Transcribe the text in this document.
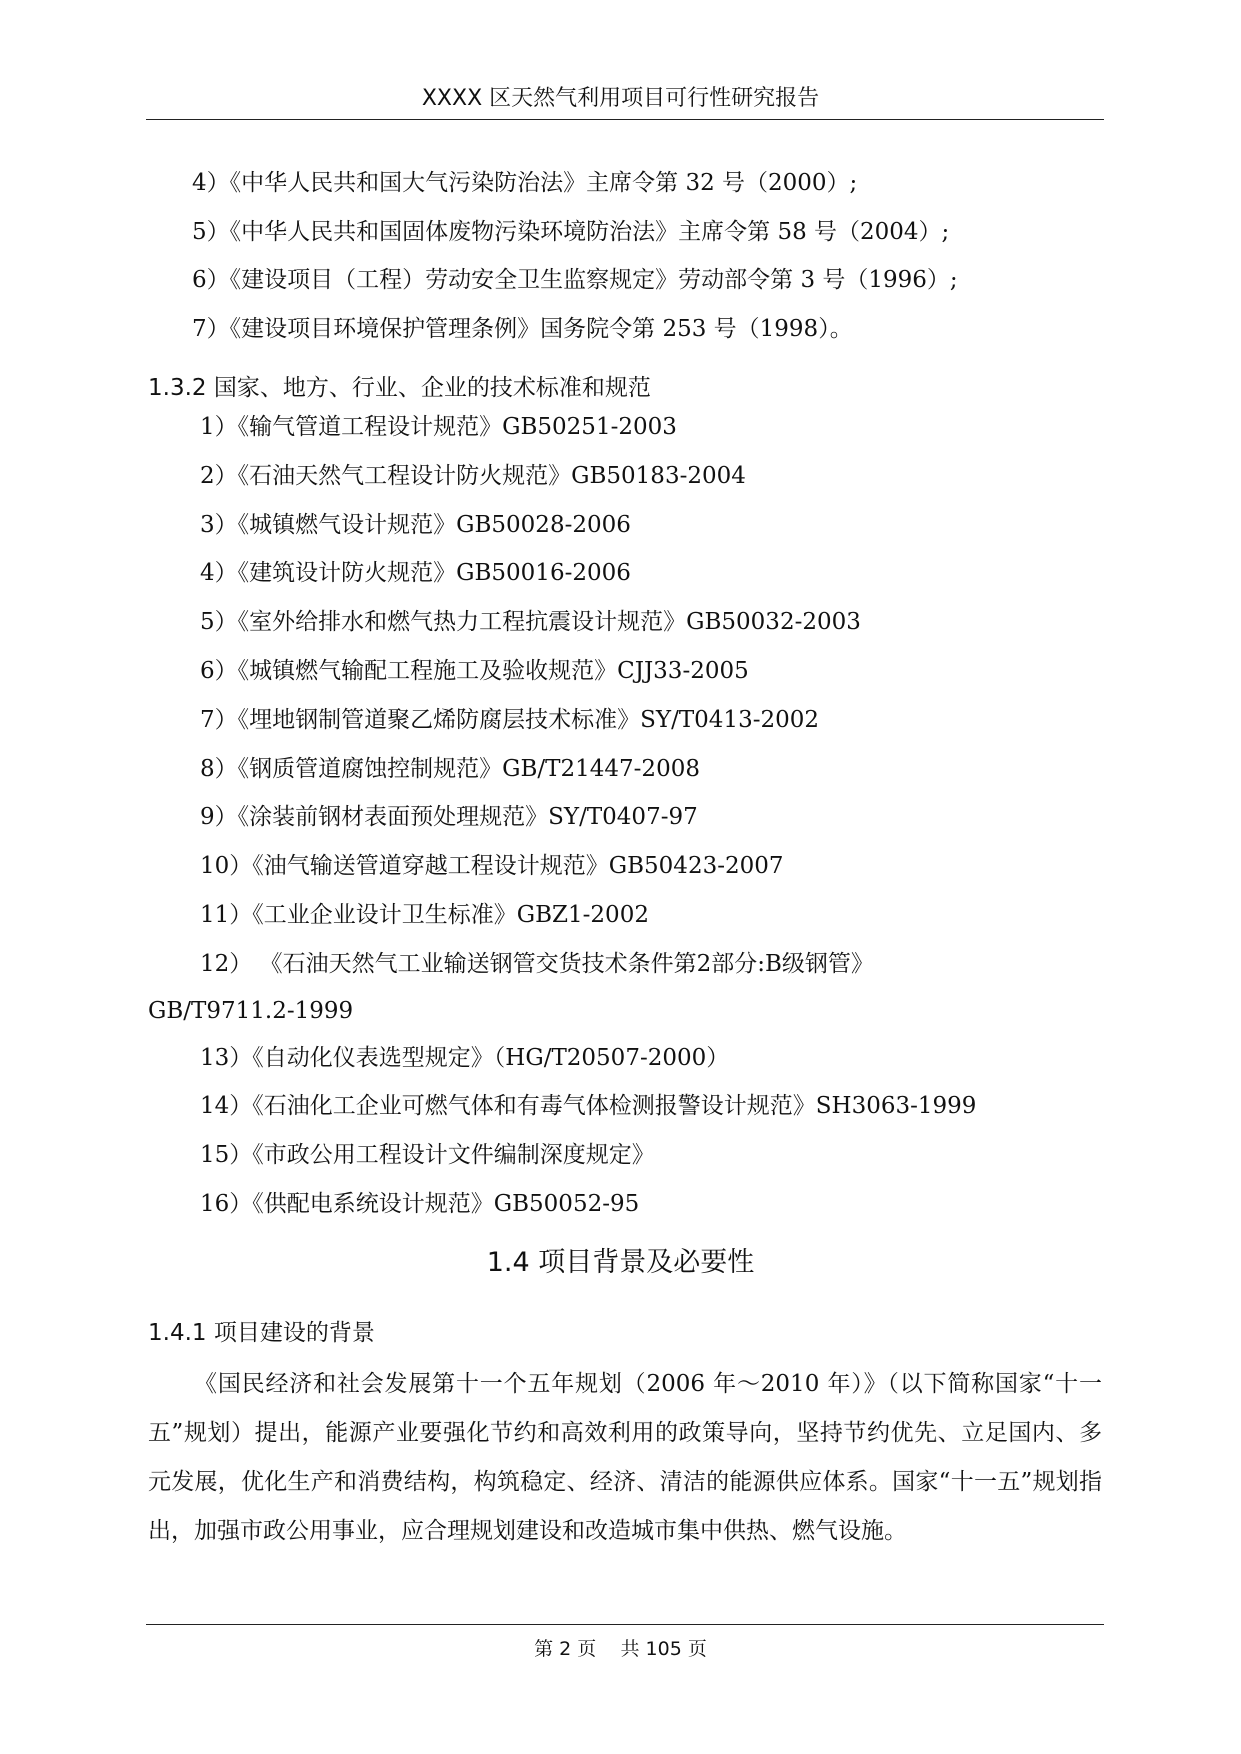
XXXX 区天然气利用项目可行性研究报告
4）《中华人民共和国大气污染防治法》主席令第 32 号（2000）;
5）《中华人民共和国固体废物污染环境防治法》主席令第 58 号（2004）;
6）《建设项目（工程）劳动安全卫生监察规定》劳动部令第 3 号（1996）;
7）《建设项目环境保护管理条例》国务院令第 253 号（1998）。
1.3.2 国家、地方、行业、企业的技术标准和规范
1）《输气管道工程设计规范》GB50251-2003
2）《石油天然气工程设计防火规范》GB50183-2004
3）《城镇燃气设计规范》GB50028-2006
4）《建筑设计防火规范》GB50016-2006
5）《室外给排水和燃气热力工程抗震设计规范》GB50032-2003
6）《城镇燃气输配工程施工及验收规范》CJJ33-2005
7）《埋地钢制管道聚乙烯防腐层技术标准》SY/T0413-2002
8）《钢质管道腐蚀控制规范》GB/T21447-2008
9）《涂装前钢材表面预处理规范》SY/T0407-97
10）《油气输送管道穿越工程设计规范》GB50423-2007
11）《工业企业设计卫生标准》GBZ1-2002
12） 《石油天然气工业输送钢管交货技术条件第2部分:B级钢管》
GB/T9711.2-1999
13）《自动化仪表选型规定》（HG/T20507-2000）
14）《石油化工企业可燃气体和有毒气体检测报警设计规范》SH3063-1999
15）《市政公用工程设计文件编制深度规定》
16）《供配电系统设计规范》GB50052-95
1.4 项目背景及必要性
1.4.1 项目建设的背景
《国民经济和社会发展第十一个五年规划（2006 年～2010 年）》（以下简称国家“十一五”规划）提出，能源产业要强化节约和高效利用的政策导向，坚持节约优先、立足国内、多元发展，优化生产和消费结构，构筑稳定、经济、清洁的能源供应体系。国家“十一五”规划指出，加强市政公用事业，应合理规划建设和改造城市集中供热、燃气设施。
第 2 页 共 105 页
